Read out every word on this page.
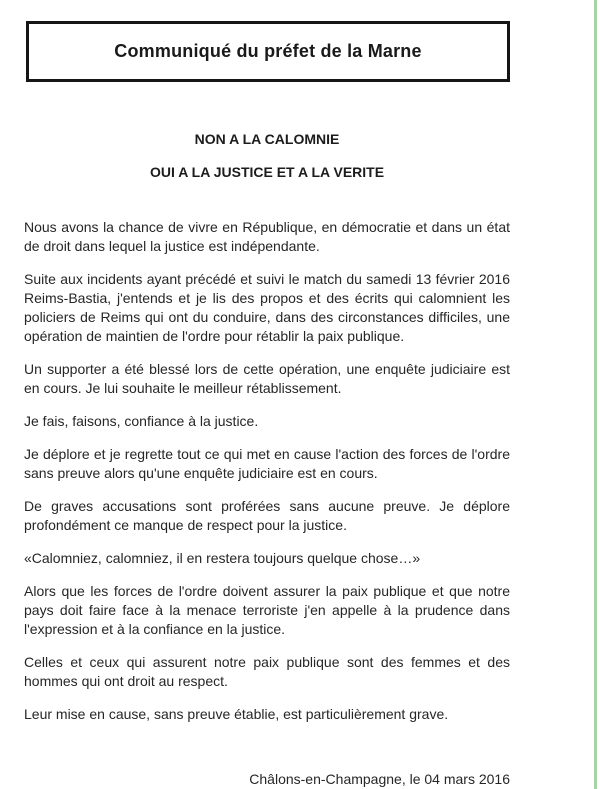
Communiqué du préfet de la Marne
NON A LA CALOMNIE
OUI A LA JUSTICE ET A LA VERITE

Nous avons la chance de vivre en République, en démocratie et dans un état de droit dans lequel la justice est indépendante.

Suite aux incidents ayant précédé et suivi le match du samedi 13 février 2016 Reims-Bastia, j'entends et je lis des propos et des écrits qui calomnient les policiers de Reims qui ont du conduire, dans des circonstances difficiles, une opération de maintien de l'ordre pour rétablir la paix publique.

Un supporter a été blessé lors de cette opération, une enquête judiciaire est en cours. Je lui souhaite le meilleur rétablissement.

Je fais, faisons, confiance à la justice.

Je déplore et je regrette tout ce qui met en cause l'action des forces de l'ordre sans preuve alors qu'une enquête judiciaire est en cours.

De graves accusations sont proférées sans aucune preuve. Je déplore profondément ce manque de respect pour la justice.

«Calomniez, calomniez, il en restera toujours quelque chose…»

Alors que les forces de l'ordre doivent assurer la paix publique et que notre pays doit faire face à la menace terroriste j'en appelle à la prudence dans l'expression et à la confiance en la justice.

Celles et ceux qui assurent notre paix publique sont des femmes et des hommes qui ont droit au respect.

Leur mise en cause, sans preuve établie, est particulièrement grave.

Châlons-en-Champagne, le 04 mars 2016
